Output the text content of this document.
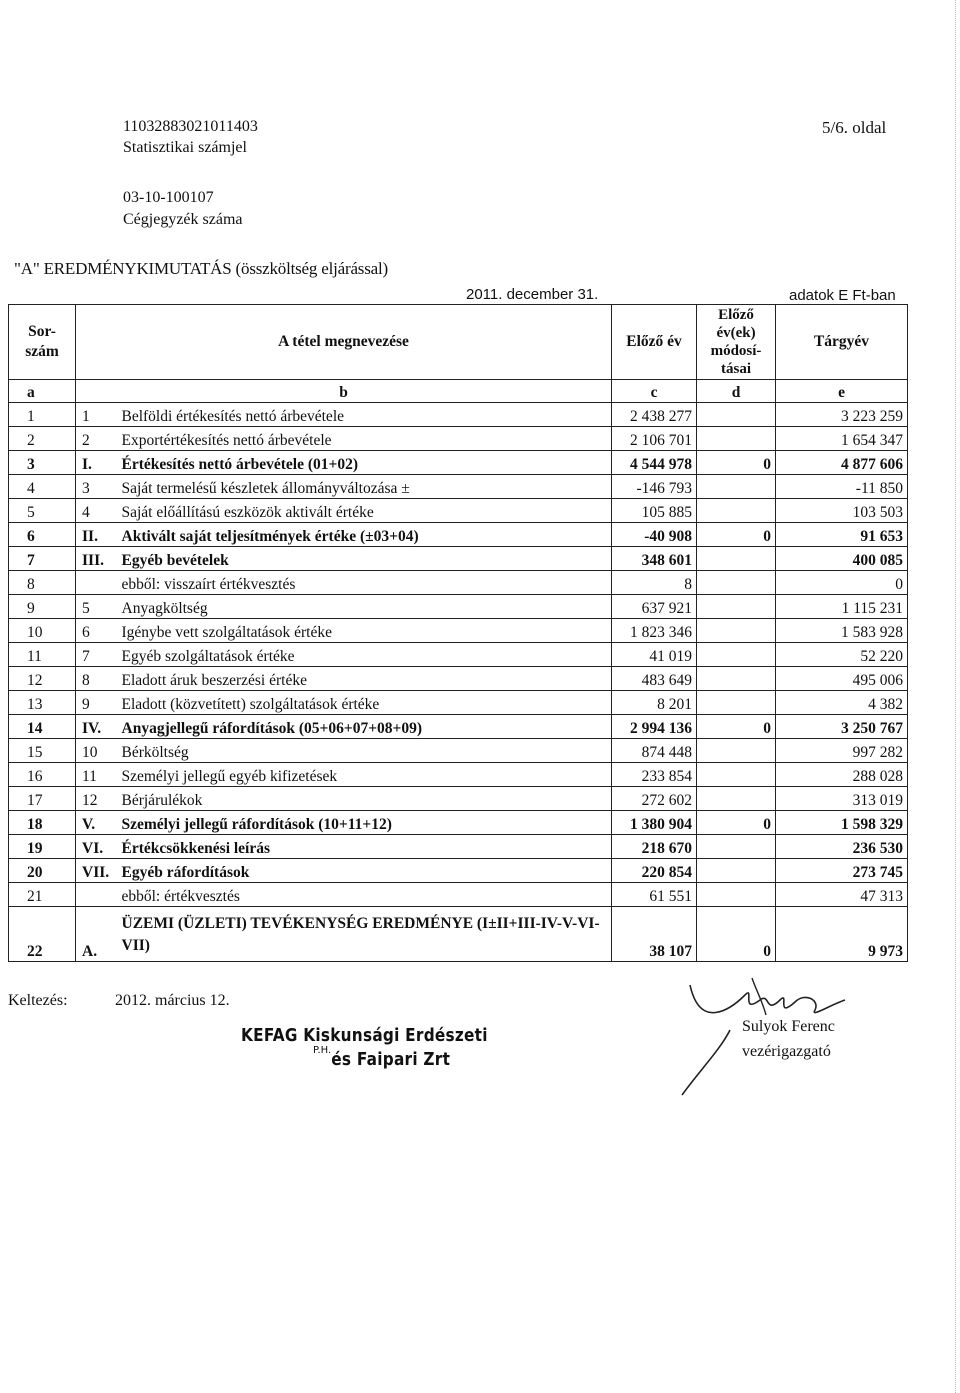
11032883021011403
Statisztikai számjel
5/6. oldal
03-10-100107
Cégjegyzék száma
"A" EREDMÉNYKIMUTATÁS (összköltség eljárással)
2011. december 31.	adatok E Ft-ban
Sor-
szám	A tétel megnevezése		Előző év	Előző
év(ek)
módosí-
tásai	Tárgyév
a	b		c	d	e
1	1	Belföldi értékesítés nettó árbevétele	2 438 277		3 223 259
2	2	Exportértékesítés nettó árbevétele	2 106 701		1 654 347
3	I.	Értékesítés nettó árbevétele (01+02)	4 544 978	0	4 877 606
4	3	Saját termelésű készletek állományváltozása ±	-146 793		-11 850
5	4	Saját előállítású eszközök aktivált értéke	105 885		103 503
6	II.	Aktivált saját teljesítmények értéke (±03+04)	-40 908	0	91 653
7	III.	Egyéb bevételek	348 601		400 085
8		ebből: visszaírt értékvesztés	8		0
9	5	Anyagköltség	637 921		1 115 231
10	6	Igénybe vett szolgáltatások értéke	1 823 346		1 583 928
11	7	Egyéb szolgáltatások értéke	41 019		52 220
12	8	Eladott áruk beszerzési értéke	483 649		495 006
13	9	Eladott (közvetített) szolgáltatások értéke	8 201		4 382
14	IV.	Anyagjellegű ráfordítások (05+06+07+08+09)	2 994 136	0	3 250 767
15	10	Bérköltség	874 448		997 282
16	11	Személyi jellegű egyéb kifizetések	233 854		288 028
17	12	Bérjárulékok	272 602		313 019
18	V.	Személyi jellegű ráfordítások (10+11+12)	1 380 904	0	1 598 329
19	VI.	Értékcsökkenési leírás	218 670		236 530
20	VII.	Egyéb ráfordítások	220 854		273 745
21		ebből: értékvesztés	61 551		47 313
22	A.	ÜZEMI (ÜZLETI) TEVÉKENYSÉG EREDMÉNYE (I±II+III-IV-V-VI-VII)	38 107	0	9 973
Keltezés:	2012. március 12.
KEFAG Kiskunsági Erdészeti
és Faipari Zrt
P.H.
Sulyok Ferenc
vezérigazgató
